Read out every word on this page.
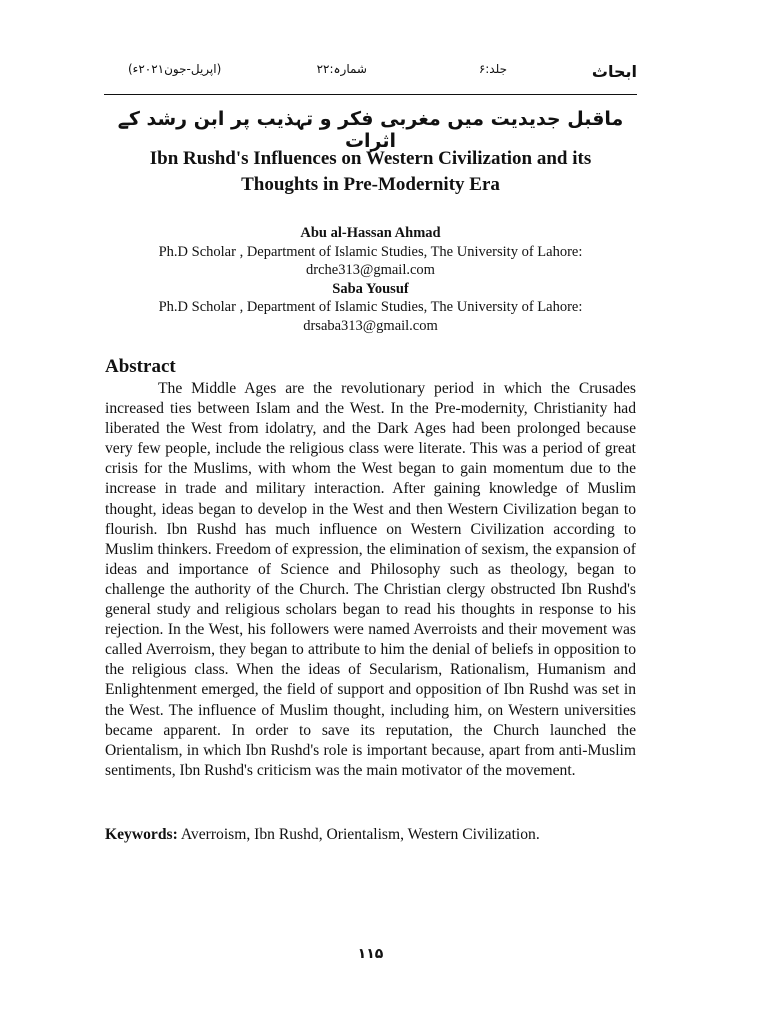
ابحاث
جلد:۶
شمارہ:۲۲
(اپریل-جون۲۰۲۱ء)
ماقبل جدیدیت میں مغربی فکر و تہذیب پر ابن رشد کے اثرات
Ibn Rushd's Influences on Western Civilization and its
Thoughts in Pre-Modernity Era
Abu al-Hassan Ahmad
Ph.D Scholar , Department of Islamic Studies, The University of Lahore:
drche313@gmail.com
Saba Yousuf
Ph.D Scholar , Department of Islamic Studies, The University of Lahore:
drsaba313@gmail.com
Abstract

The Middle Ages are the revolutionary period in which the Crusades increased ties between Islam and the West. In the Pre-modernity, Christianity had liberated the West from idolatry, and the Dark Ages had been prolonged because very few people, include the religious class were literate. This was a period of great crisis for the Muslims, with whom the West began to gain momentum due to the increase in trade and military interaction. After gaining knowledge of Muslim thought, ideas began to develop in the West and then Western Civilization began to flourish. Ibn Rushd has much influence on Western Civilization according to Muslim thinkers. Freedom of expression, the elimination of sexism, the expansion of ideas and importance of Science and Philosophy such as theology, began to challenge the authority of the Church. The Christian clergy obstructed Ibn Rushd's general study and religious scholars began to read his thoughts in response to his rejection. In the West, his followers were named Averroists and their movement was called Averroism, they began to attribute to him the denial of beliefs in opposition to the religious class. When the ideas of Secularism, Rationalism, Humanism and Enlightenment emerged, the field of support and opposition of Ibn Rushd was set in the West. The influence of Muslim thought, including him, on Western universities became apparent. In order to save its reputation, the Church launched the Orientalism, in which Ibn Rushd's role is important because, apart from anti-Muslim sentiments, Ibn Rushd's criticism was the main motivator of the movement.

Keywords: Averroism, Ibn Rushd, Orientalism, Western Civilization.
۱۱۵
